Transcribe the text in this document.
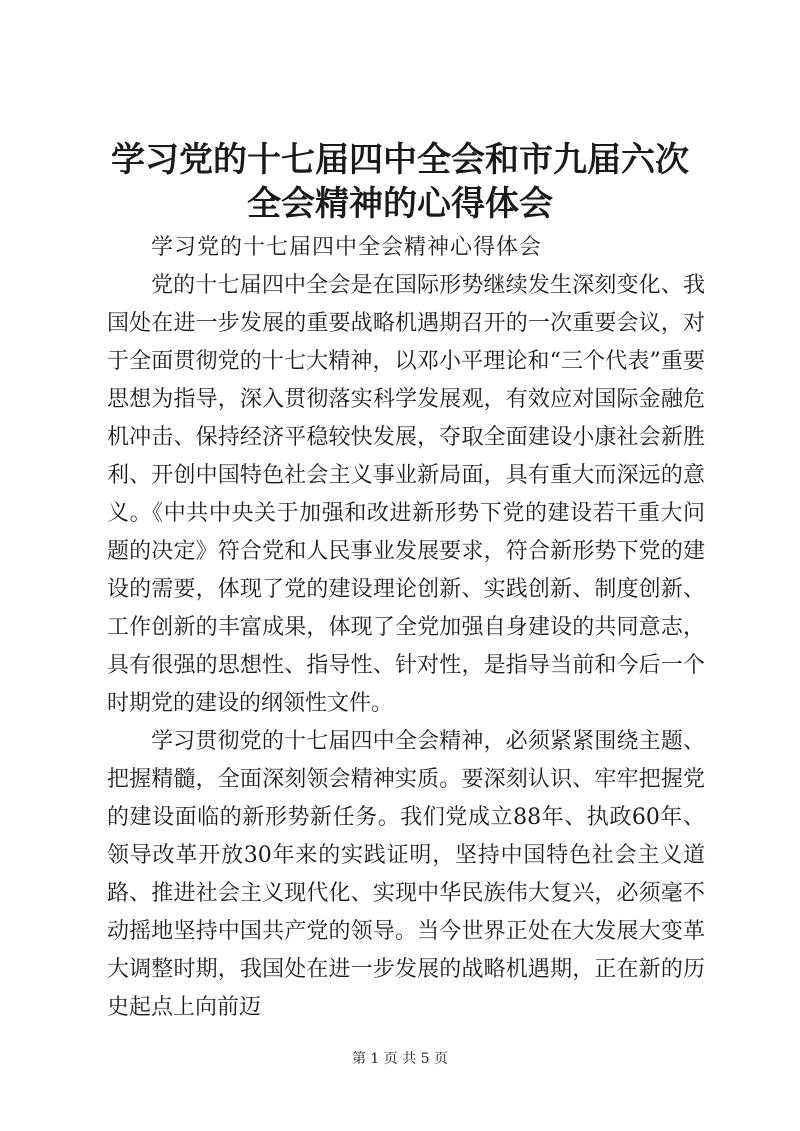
学习党的十七届四中全会和市九届六次全会精神的心得体会

学习党的十七届四中全会精神心得体会

党的十七届四中全会是在国际形势继续发生深刻变化、我国处在进一步发展的重要战略机遇期召开的一次重要会议，对于全面贯彻党的十七大精神，以邓小平理论和“三个代表”重要思想为指导，深入贯彻落实科学发展观，有效应对国际金融危机冲击、保持经济平稳较快发展，夺取全面建设小康社会新胜利、开创中国特色社会主义事业新局面，具有重大而深远的意义。《中共中央关于加强和改进新形势下党的建设若干重大问题的决定》符合党和人民事业发展要求，符合新形势下党的建设的需要，体现了党的建设理论创新、实践创新、制度创新、工作创新的丰富成果，体现了全党加强自身建设的共同意志，具有很强的思想性、指导性、针对性，是指导当前和今后一个时期党的建设的纲领性文件。

学习贯彻党的十七届四中全会精神，必须紧紧围绕主题、把握精髓，全面深刻领会精神实质。要深刻认识、牢牢把握党的建设面临的新形势新任务。我们党成立88年、执政60年、领导改革开放30年来的实践证明，坚持中国特色社会主义道路、推进社会主义现代化、实现中华民族伟大复兴，必须毫不动摇地坚持中国共产党的领导。当今世界正处在大发展大变革大调整时期，我国处在进一步发展的战略机遇期，正在新的历史起点上向前迈

第 1 页 共 5 页
